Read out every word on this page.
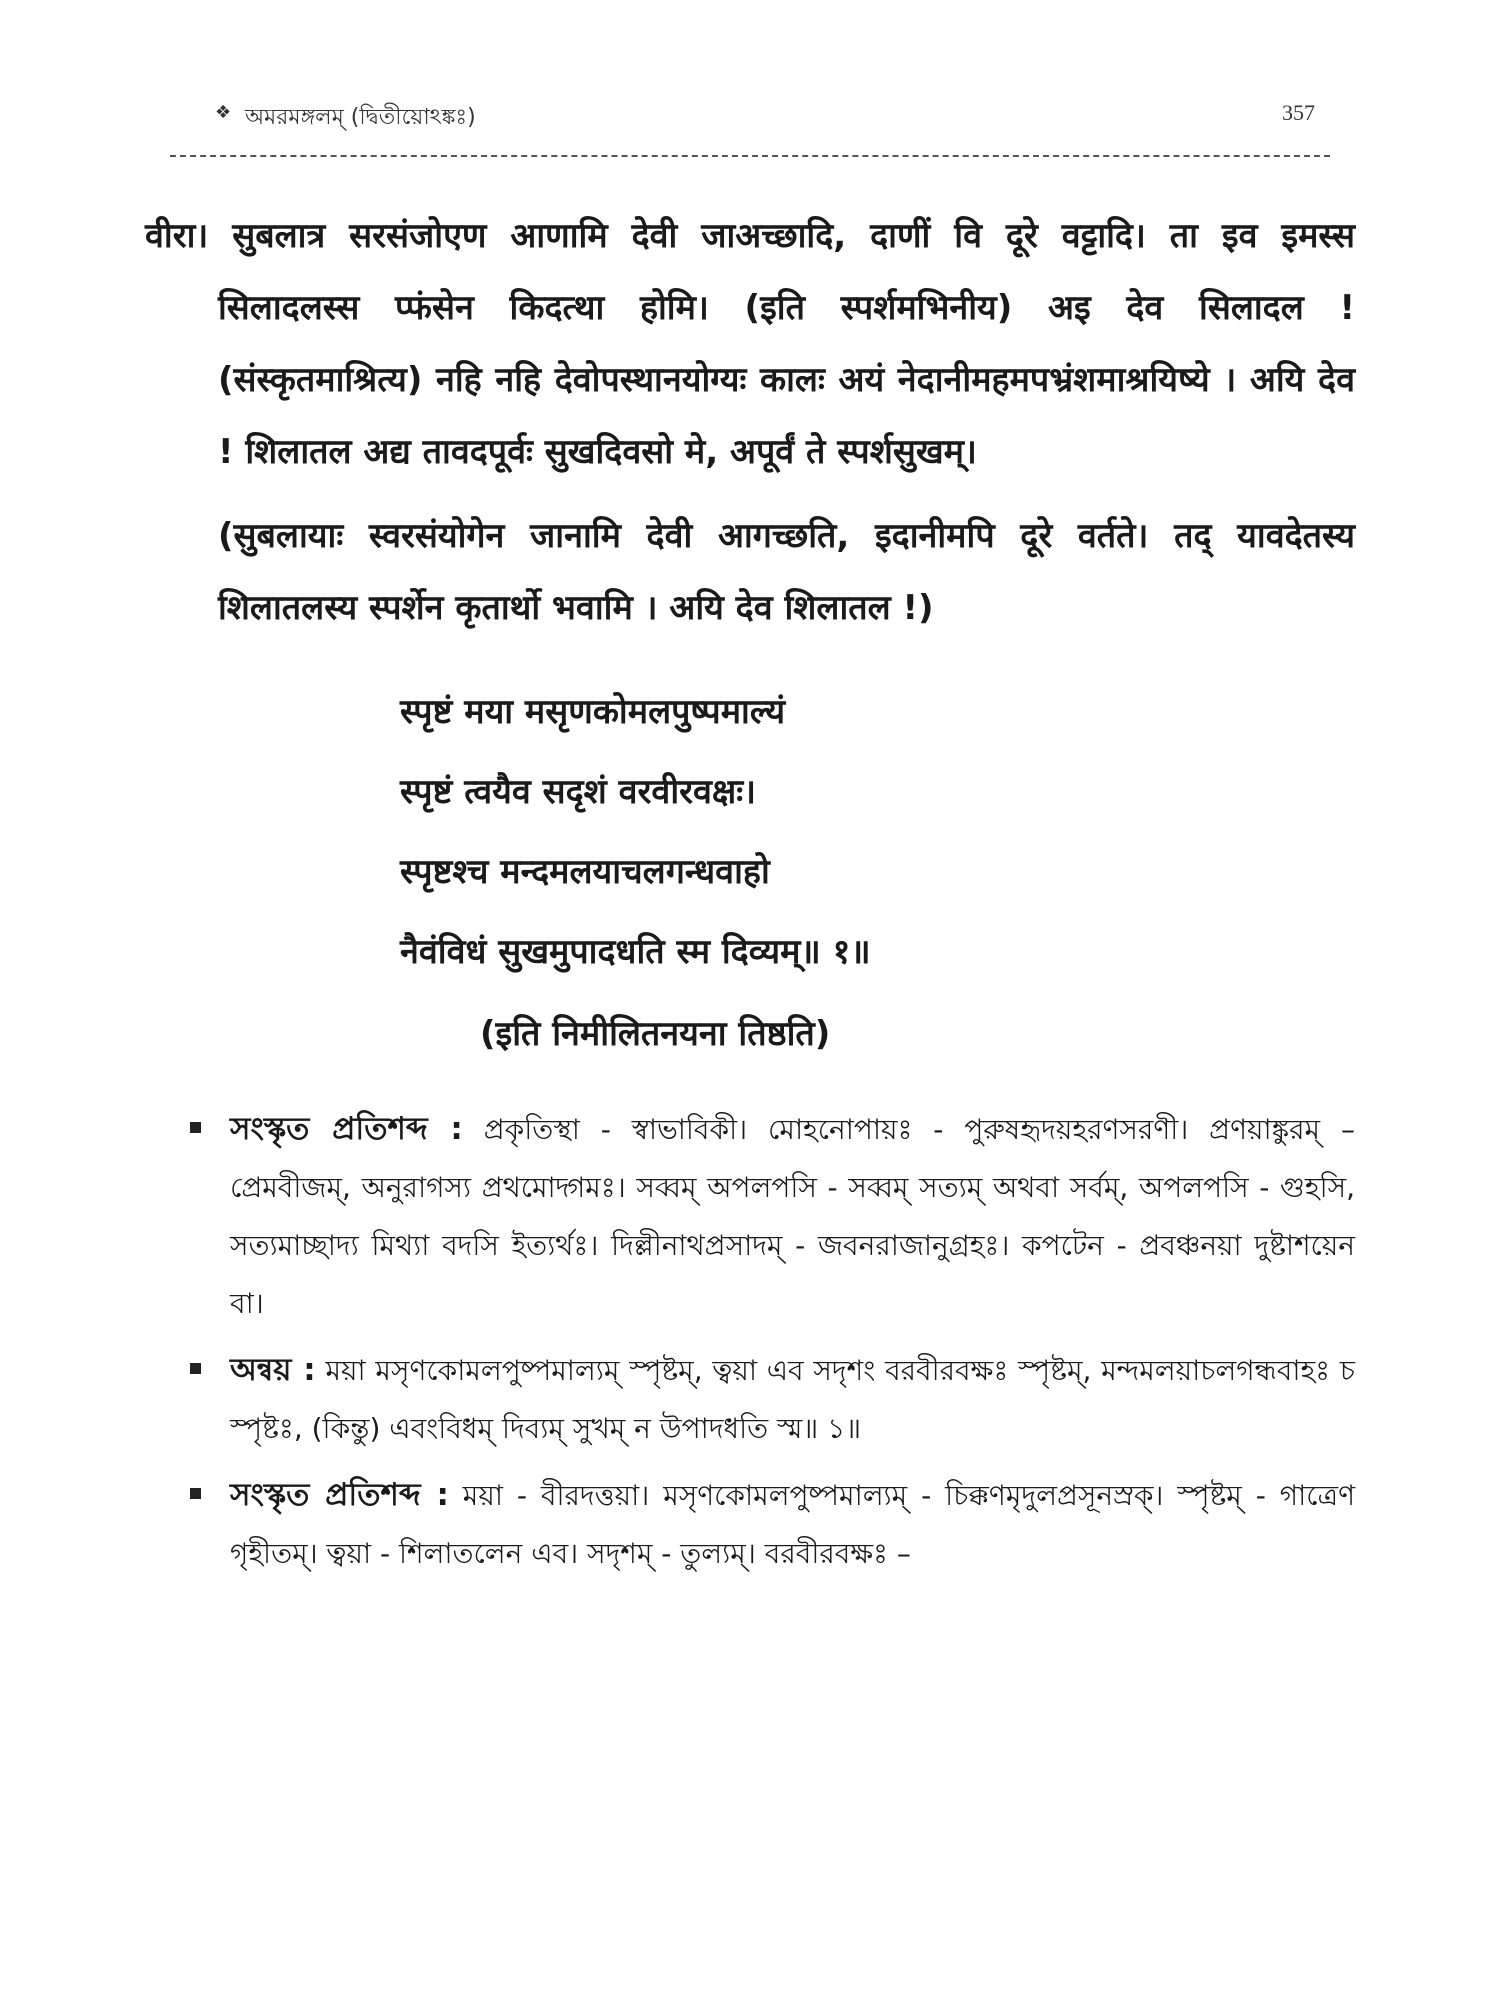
❖ অমরমঙ্গলম্ (দ্বিতীয়োঽঙ্কঃ)	357

वीरा। सुबलात्र सरसंजोएण आणामि देवी जाअच्छादि, दाणीं वि दूरे वट्टादि। ता इव इमस्स सिलादलस्स प्फंसेन किदत्था होमि। (इति स्पर्शमभिनीय) अइ देव सिलादल ! (संस्कृतमाश्रित्य) नहि नहि देवोपस्थानयोग्यः कालः अयं नेदानीमहमपभ्रंशमाश्रयिष्ये । अयि देव ! शिलातल अद्य तावदपूर्वः सुखदिवसो मे, अपूर्वं ते स्पर्शसुखम्।

(सुबलायाः स्वरसंयोगेन जानामि देवी आगच्छति, इदानीमपि दूरे वर्तते। तद् यावदेतस्य शिलातलस्य स्पर्शेन कृतार्थो भवामि । अयि देव शिलातल !)

स्पृष्टं मया मसृणकोमलपुष्पमाल्यं
स्पृष्टं त्वयैव सदृशं वरवीरवक्षः।
स्पृष्टश्च मन्दमलयाचलगन्धवाहो
नैवंविधं सुखमुपादधति स्म दिव्यम्॥ १॥
(इति निमीलितनयना तिष्ठति)

সংস্কৃত প্রতিশব্দ : প্রকৃতিস্থা - স্বাভাবিকী। মোহনোপায়ঃ - পুরুষহৃদয়হরণসরণী। প্রণয়াঙ্কুরম্ – প্রেমবীজম্, অনুরাগস্য প্রথমোদ্গমঃ। সব্বম্ অপলপসি - সব্বম্ সত্যম্ অথবা সর্বম্, অপলপসি - গুহসি, সত্যমাচ্ছাদ্য মিথ্যা বদসি ইত্যর্থঃ। দিল্লীনাথপ্রসাদম্ - জবনরাজানুগ্রহঃ। কপটেন - প্রবঞ্চনয়া দুষ্টাশয়েন বা।

অন্বয় : ময়া মসৃণকোমলপুষ্পমাল্যম্ স্পৃষ্টম্, ত্বয়া এব সদৃশং বরবীরবক্ষঃ স্পৃষ্টম্, মন্দমলয়াচলগন্ধবাহঃ চ স্পৃষ্টঃ, (কিন্তু) এবংবিধম্ দিব্যম্ সুখম্ ন উপাদধতি স্ম॥ ১॥

সংস্কৃত প্রতিশব্দ : ময়া - বীরদত্তয়া। মসৃণকোমলপুষ্পমাল্যম্ - চিক্কণমৃদুলপ্রসূনস্রক্। স্পৃষ্টম্ - গাত্রেণ গৃহীতম্। ত্বয়া - শিলাতলেন এব। সদৃশম্ - তুল্যম্। বরবীরবক্ষঃ –
